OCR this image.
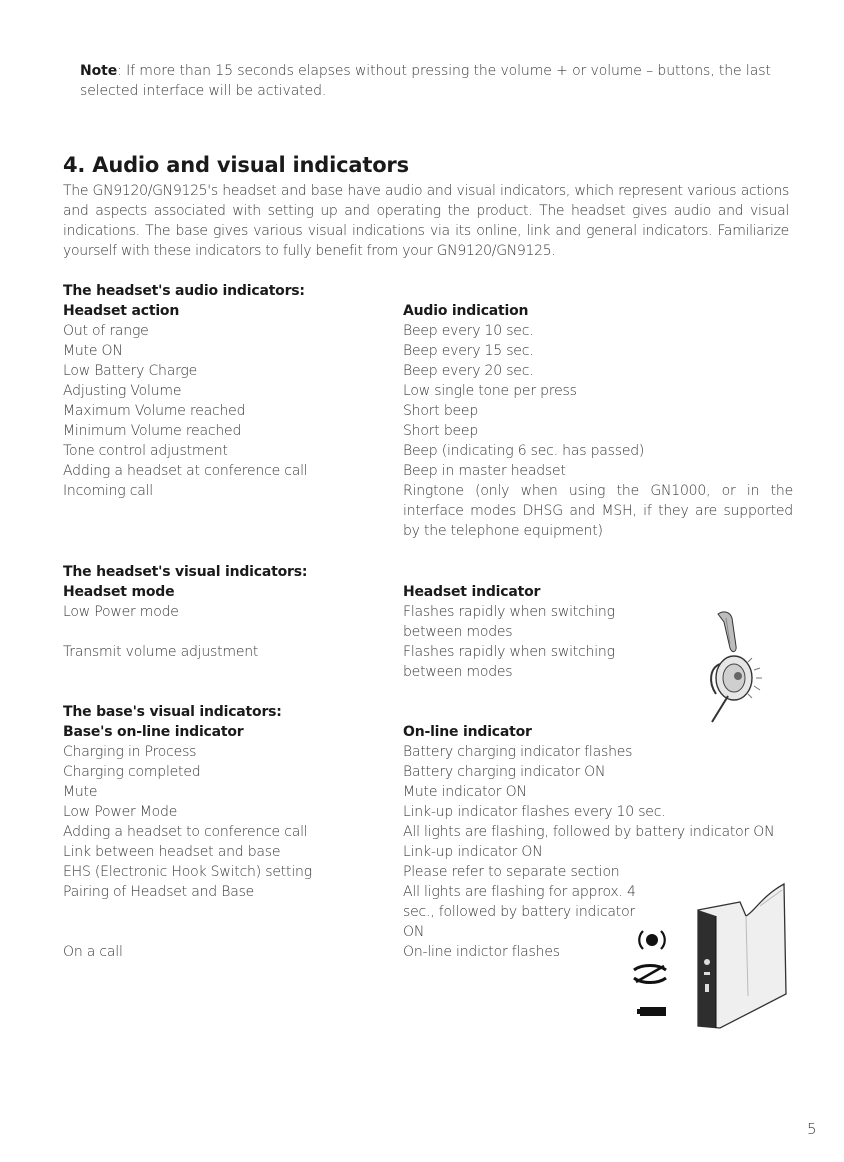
Note: If more than 15 seconds elapses without pressing the volume + or volume – buttons, the last selected interface will be activated.

4. Audio and visual indicators

The GN9120/GN9125's headset and base have audio and visual indicators, which represent various actions and aspects associated with setting up and operating the product. The headset gives audio and visual indications. The base gives various visual indications via its online, link and general indicators. Familiarize yourself with these indicators to fully benefit from your GN9120/GN9125.

The headset's audio indicators:
Headset action	Audio indication
Out of range	Beep every 10 sec.
Mute ON	Beep every 15 sec.
Low Battery Charge	Beep every 20 sec.
Adjusting Volume	Low single tone per press
Maximum Volume reached	Short beep
Minimum Volume reached	Short beep
Tone control adjustment	Beep (indicating 6 sec. has passed)
Adding a headset at conference call	Beep in master headset
Incoming call	Ringtone (only when using the GN1000, or in the interface modes DHSG and MSH, if they are supported by the telephone equipment)
The headset's visual indicators:
Headset mode	Headset indicator
Low Power mode	Flashes rapidly when switching between modes
Transmit volume adjustment	Flashes rapidly when switching between modes
The base's visual indicators:
Base's on-line indicator	On-line indicator
Charging in Process	Battery charging indicator flashes
Charging completed	Battery charging indicator ON
Mute	Mute indicator ON
Low Power Mode	Link-up indicator flashes every 10 sec.
Adding a headset to conference call	All lights are flashing, followed by battery indicator ON
Link between headset and base	Link-up indicator ON
EHS (Electronic Hook Switch) setting	Please refer to separate section
Pairing of Headset and Base	All lights are flashing for approx. 4 sec., followed by battery indicator ON
On a call	On-line indictor flashes
5
